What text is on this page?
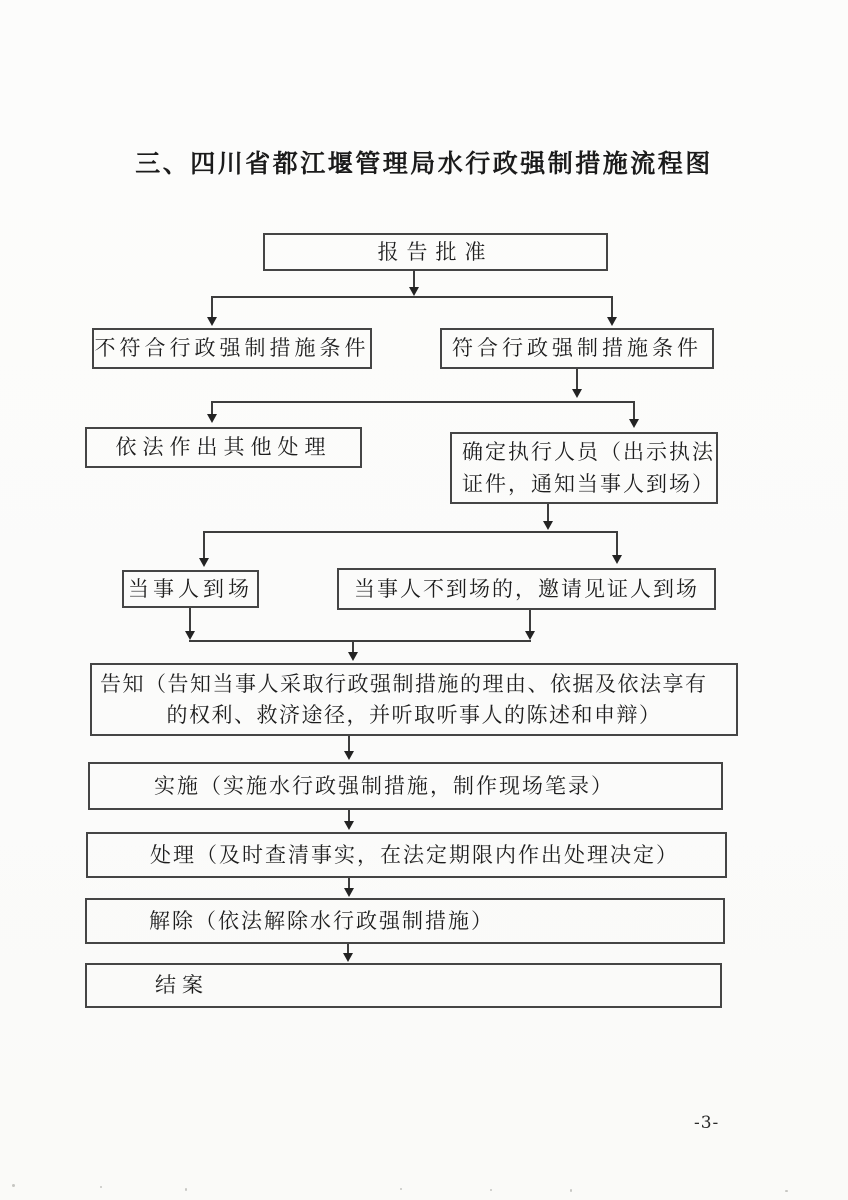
三、四川省都江堰管理局水行政强制措施流程图
报告批准
不符合行政强制措施条件	符合行政强制措施条件
依法作出其他处理	确定执行人员（出示执法
证件，通知当事人到场）
当事人到场	当事人不到场的，邀请见证人到场
告知（告知当事人采取行政强制措施的理由、依据及依法享有
的权利、救济途径，并听取听事人的陈述和申辩）
实施（实施水行政强制措施，制作现场笔录）
处理（及时查清事实，在法定期限内作出处理决定）
解除（依法解除水行政强制措施）
结案
-3-
